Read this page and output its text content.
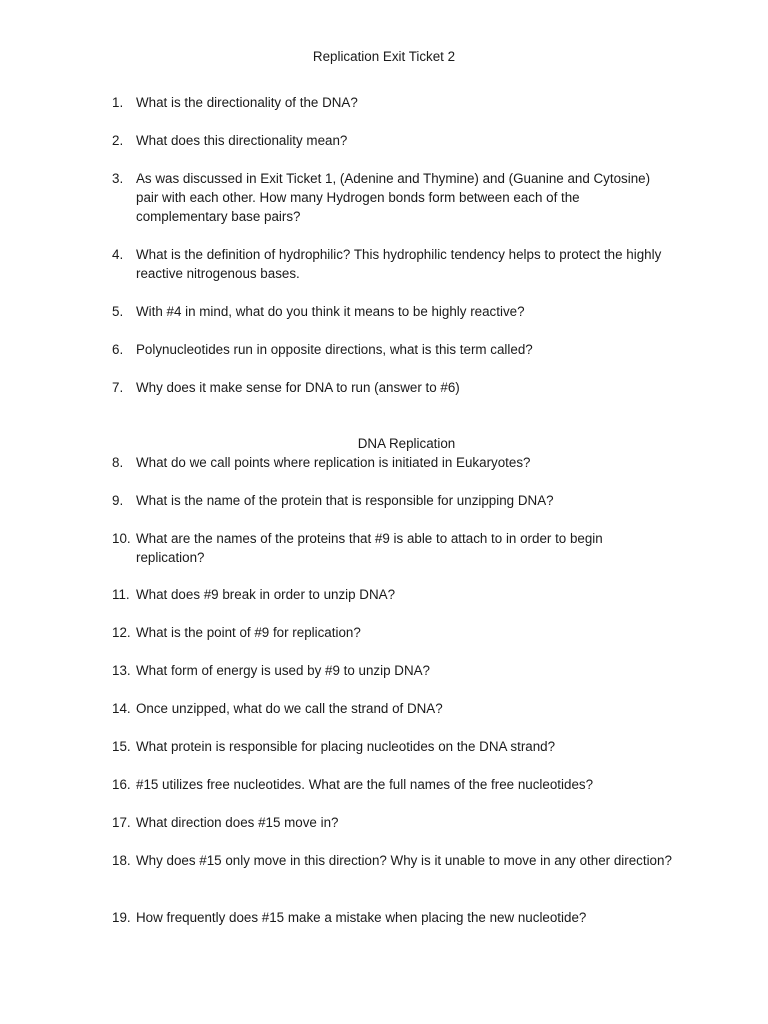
Replication Exit Ticket 2
1. What is the directionality of the DNA?
2. What does this directionality mean?
3. As was discussed in Exit Ticket 1, (Adenine and Thymine) and (Guanine and Cytosine) pair with each other. How many Hydrogen bonds form between each of the complementary base pairs?
4. What is the definition of hydrophilic? This hydrophilic tendency helps to protect the highly reactive nitrogenous bases.
5. With #4 in mind, what do you think it means to be highly reactive?
6. Polynucleotides run in opposite directions, what is this term called?
7. Why does it make sense for DNA to run (answer to #6)
DNA Replication
8. What do we call points where replication is initiated in Eukaryotes?
9. What is the name of the protein that is responsible for unzipping DNA?
10. What are the names of the proteins that #9 is able to attach to in order to begin replication?
11. What does #9 break in order to unzip DNA?
12. What is the point of #9 for replication?
13. What form of energy is used by #9 to unzip DNA?
14. Once unzipped, what do we call the strand of DNA?
15. What protein is responsible for placing nucleotides on the DNA strand?
16. #15 utilizes free nucleotides. What are the full names of the free nucleotides?
17. What direction does #15 move in?
18. Why does #15 only move in this direction? Why is it unable to move in any other direction?
19. How frequently does #15 make a mistake when placing the new nucleotide?
